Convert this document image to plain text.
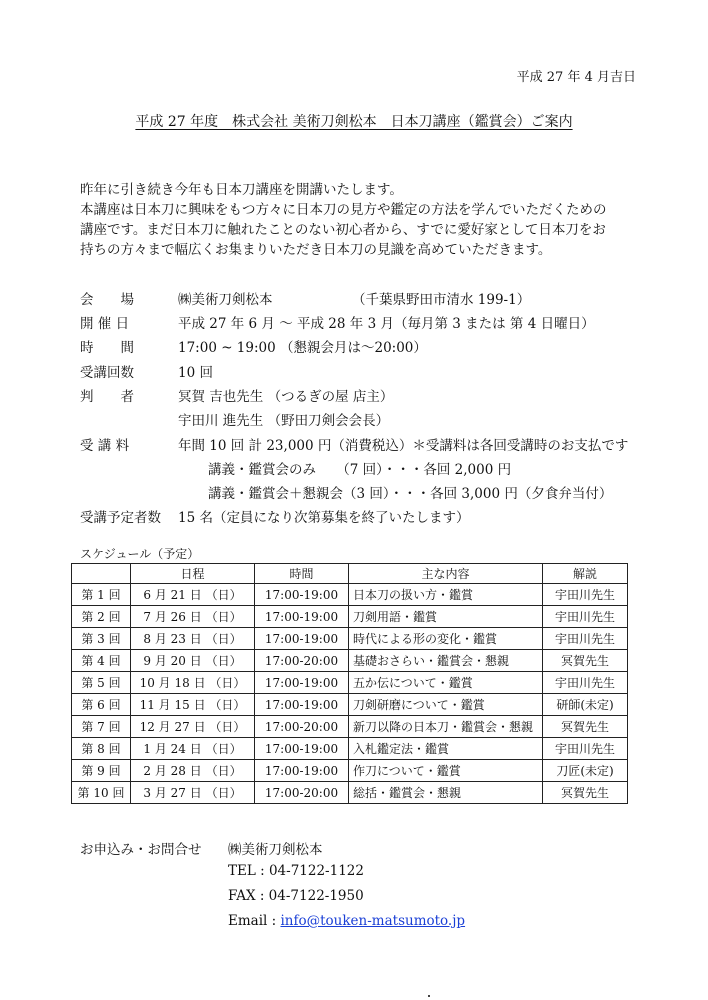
平成 27 年 4 月吉日
平成 27 年度　株式会社 美術刀剣松本　日本刀講座（鑑賞会）ご案内
昨年に引き続き今年も日本刀講座を開講いたします。
本講座は日本刀に興味をもつ方々に日本刀の見方や鑑定の方法を学んでいただくための
講座です。まだ日本刀に触れたことのない初心者から、すでに愛好家として日本刀をお
持ちの方々まで幅広くお集まりいただき日本刀の見識を高めていただきます。
会　　場	㈱美術刀剣松本	（千葉県野田市清水 199-1）
開 催 日	平成 27 年 6 月 ～ 平成 28 年 3 月（毎月第 3 または 第 4 日曜日）
時　　間	17:00 ~ 19:00 （懇親会月は～20:00）
受講回数	10 回
判　　者	冥賀 吉也先生 （つるぎの屋 店主）
宇田川 進先生 （野田刀剣会会長）
受 講 料	年間 10 回 計 23,000 円（消費税込）＊受講料は各回受講時のお支払です
講義・鑑賞会のみ　　（7 回）・・・各回 2,000 円
講義・鑑賞会＋懇親会（3 回）・・・各回 3,000 円（夕食弁当付）
受講予定者数 15 名（定員になり次第募集を終了いたします）
スケジュール（予定）
	日程	時間	主な内容	解説
第 1 回	6 月 21 日 （日）	17:00-19:00	日本刀の扱い方・鑑賞	宇田川先生
第 2 回	7 月 26 日 （日）	17:00-19:00	刀剣用語・鑑賞	宇田川先生
第 3 回	8 月 23 日 （日）	17:00-19:00	時代による形の変化・鑑賞	宇田川先生
第 4 回	9 月 20 日 （日）	17:00-20:00	基礎おさらい・鑑賞会・懇親	冥賀先生
第 5 回	10 月 18 日 （日）	17:00-19:00	五か伝について・鑑賞	宇田川先生
第 6 回	11 月 15 日 （日）	17:00-19:00	刀剣研磨について・鑑賞	研師(未定)
第 7 回	12 月 27 日 （日）	17:00-20:00	新刀以降の日本刀・鑑賞会・懇親	冥賀先生
第 8 回	1 月 24 日 （日）	17:00-19:00	入札鑑定法・鑑賞	宇田川先生
第 9 回	2 月 28 日 （日）	17:00-19:00	作刀について・鑑賞	刀匠(未定)
第 10 回	3 月 27 日 （日）	17:00-20:00	総括・鑑賞会・懇親	冥賀先生
お申込み・お問合せ ㈱美術刀剣松本
TEL : 04-7122-1122
FAX : 04-7122-1950
Email : info@touken-matsumoto.jp
